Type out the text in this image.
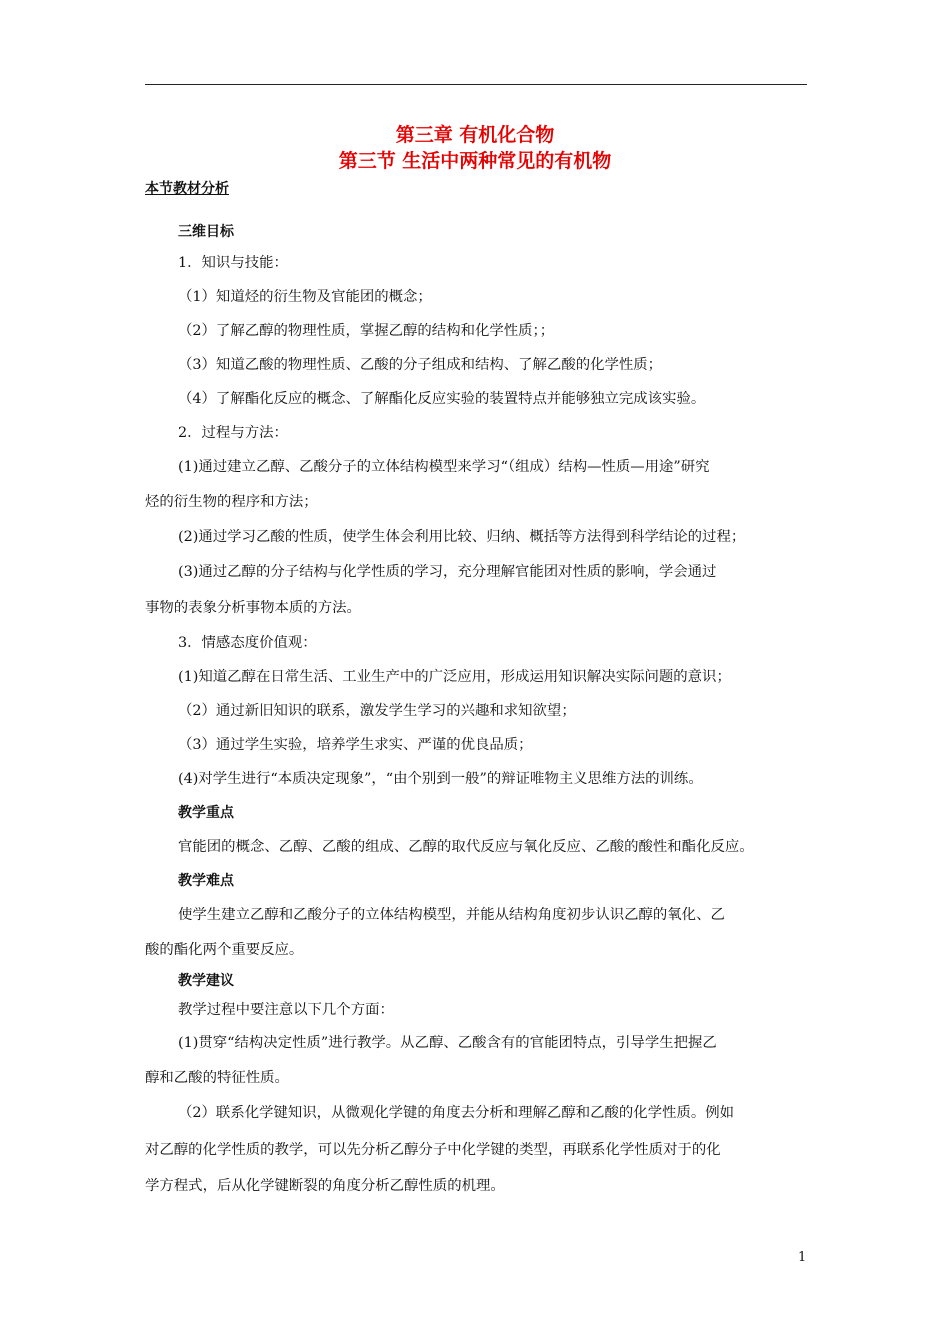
第三章 有机化合物
第三节 生活中两种常见的有机物
本节教材分析
三维目标
1．知识与技能：
（1）知道烃的衍生物及官能团的概念；
（2）了解乙醇的物理性质，掌握乙醇的结构和化学性质；；
（3）知道乙酸的物理性质、乙酸的分子组成和结构、了解乙酸的化学性质；
（4）了解酯化反应的概念、了解酯化反应实验的装置特点并能够独立完成该实验。
2．过程与方法：
(1)通过建立乙醇、乙酸分子的立体结构模型来学习“（组成）结构—性质—用途”研究
烃的衍生物的程序和方法；
(2)通过学习乙酸的性质，使学生体会利用比较、归纳、概括等方法得到科学结论的过程；
(3)通过乙醇的分子结构与化学性质的学习，充分理解官能团对性质的影响，学会通过
事物的表象分析事物本质的方法。
3．情感态度价值观：
(1)知道乙醇在日常生活、工业生产中的广泛应用，形成运用知识解决实际问题的意识；
（2）通过新旧知识的联系，激发学生学习的兴趣和求知欲望；
（3）通过学生实验，培养学生求实、严谨的优良品质；
(4)对学生进行“本质决定现象”，“由个别到一般”的辩证唯物主义思维方法的训练。
教学重点
官能团的概念、乙醇、乙酸的组成、乙醇的取代反应与氧化反应、乙酸的酸性和酯化反应。
教学难点
使学生建立乙醇和乙酸分子的立体结构模型，并能从结构角度初步认识乙醇的氧化、乙
酸的酯化两个重要反应。
教学建议
教学过程中要注意以下几个方面：
(1)贯穿“结构决定性质”进行教学。从乙醇、乙酸含有的官能团特点，引导学生把握乙
醇和乙酸的特征性质。
（2）联系化学键知识，从微观化学键的角度去分析和理解乙醇和乙酸的化学性质。例如
对乙醇的化学性质的教学，可以先分析乙醇分子中化学键的类型，再联系化学性质对于的化
学方程式，后从化学键断裂的角度分析乙醇性质的机理。
1
